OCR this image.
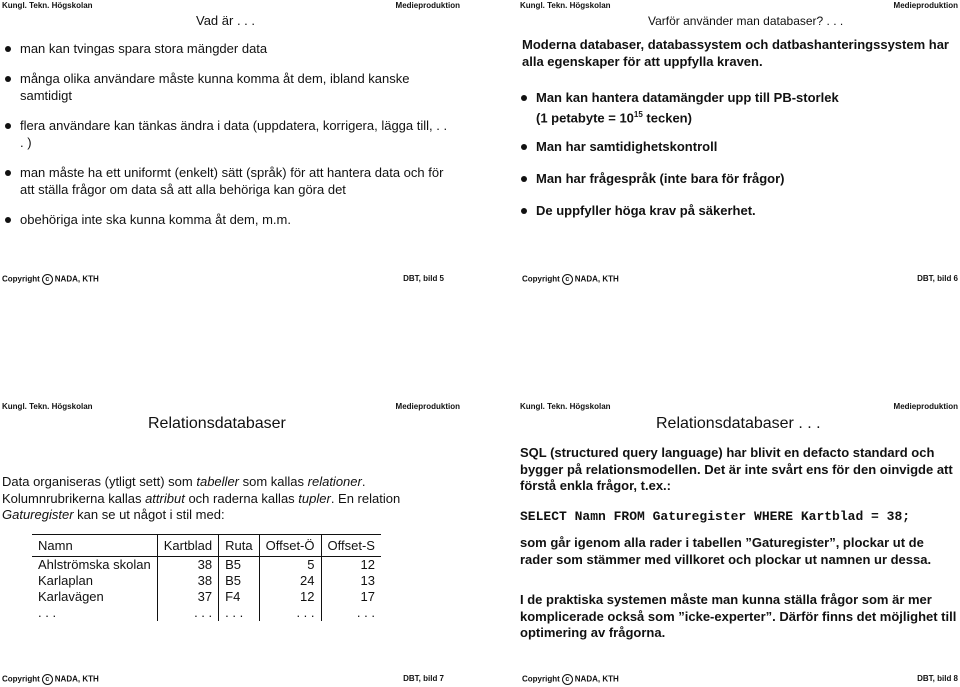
Kungl. Tekn. Högskolan	Medieproduktion
Vad är . . .
man kan tvingas spara stora mängder data
många olika användare måste kunna komma åt dem, ibland kanske samtidigt
flera användare kan tänkas ändra i data (uppdatera, korrigera, lägga till, . . . )
man måste ha ett uniformt (enkelt) sätt (språk) för att hantera data och för att ställa frågor om data så att alla behöriga kan göra det
obehöriga inte ska kunna komma åt dem, m.m.
Copyright c NADA, KTH	DBT, bild 5
Kungl. Tekn. Högskolan	Medieproduktion
Varför använder man databaser? . . .
Moderna databaser, databassystem och datbashanteringssystem har alla egenskaper för att uppfylla kraven.
Man kan hantera datamängder upp till PB-storlek
(1 petabyte = $10^{15}$ tecken)
Man har samtidighetskontroll
Man har frågespråk (inte bara för frågor)
De uppfyller höga krav på säkerhet.
Copyright c NADA, KTH	DBT, bild 6
Kungl. Tekn. Högskolan	Medieproduktion
Relationsdatabaser
Data organiseras (ytligt sett) som tabeller som kallas relationer.
Kolumnrubrikerna kallas attribut och raderna kallas tupler. En relation
Gaturegister kan se ut något i stil med:
Namn	Kartblad	Ruta	Offset-Ö	Offset-S
Ahlströmska skolan	38	B5	5	12
Karlaplan	38	B5	24	13
Karlavägen	37	F4	12	17
. . .	. . .	. . .	. . .	. . .
Copyright c NADA, KTH	DBT, bild 7
Kungl. Tekn. Högskolan	Medieproduktion
Relationsdatabaser . . .
SQL (structured query language) har blivit en defacto standard och bygger på relationsmodellen. Det är inte svårt ens för den oinvigde att förstå enkla frågor, t.ex.:
SELECT Namn FROM Gaturegister WHERE Kartblad = 38;
som går igenom alla rader i tabellen ”Gaturegister”, plockar ut de rader som stämmer med villkoret och plockar ut namnen ur dessa.
I de praktiska systemen måste man kunna ställa frågor som är mer komplicerade också som ”icke-experter”. Därför finns det möjlighet till optimering av frågorna.
Copyright c NADA, KTH	DBT, bild 8
